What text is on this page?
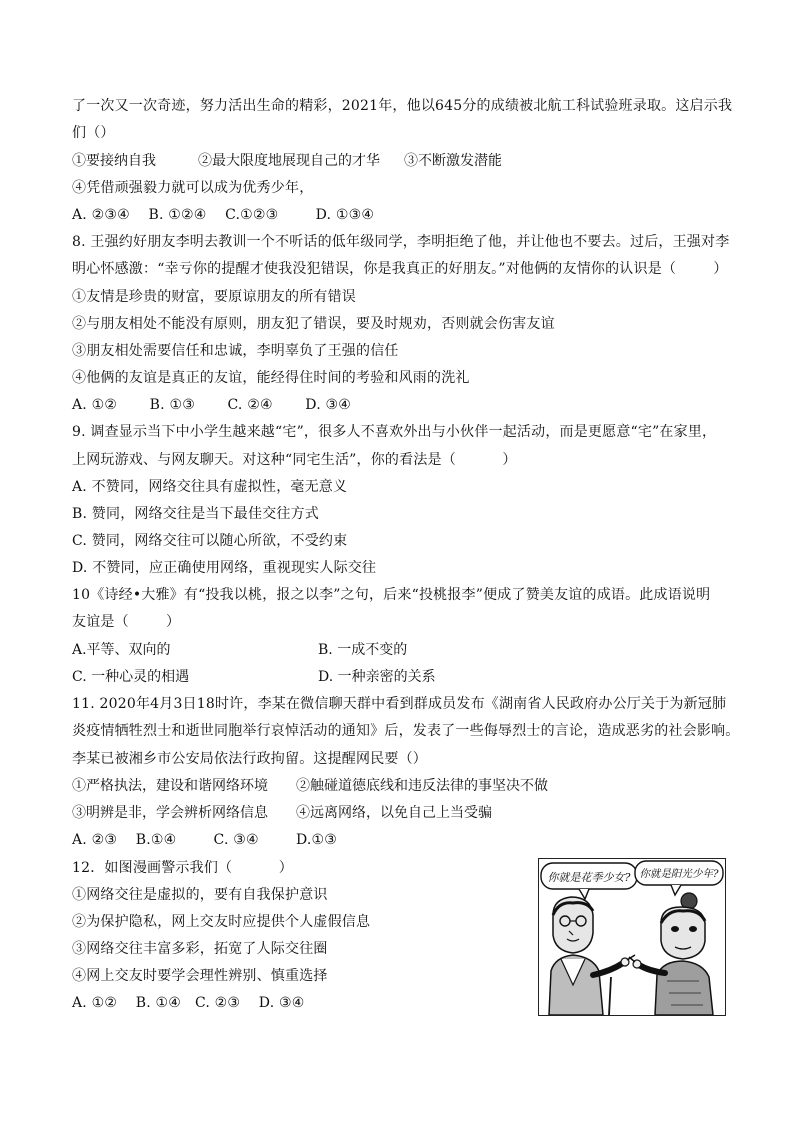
了一次又一次奇迹，努力活出生命的精彩，2021年，他以645分的成绩被北航工科试验班录取。这启示我
们（）
①要接纳自我	②最大限度地展现自己的才华 ③不断激发潜能
④凭借顽强毅力就可以成为优秀少年，
A. ②③④    B. ①②④    C.①②③        D. ①③④
8. 王强约好朋友李明去教训一个不听话的低年级同学，李明拒绝了他，并让他也不要去。过后，王强对李
明心怀感激：“幸亏你的提醒才使我没犯错误，你是我真正的好朋友。”对他俩的友情你的认识是（        ）
①友情是珍贵的财富，要原谅朋友的所有错误
②与朋友相处不能没有原则，朋友犯了错误，要及时规劝，否则就会伤害友谊
③朋友相处需要信任和忠诚，李明辜负了王强的信任
④他俩的友谊是真正的友谊，能经得住时间的考验和风雨的洗礼
A. ①②       B. ①③       C. ②④       D. ③④
9. 调查显示当下中小学生越来越“宅”，很多人不喜欢外出与小伙伴一起活动，而是更愿意“宅”在家里，
上网玩游戏、与网友聊天。对这种“同宅生活”，你的看法是（          ）
A. 不赞同，网络交往具有虚拟性，毫无意义
B. 赞同，网络交往是当下最佳交往方式
C. 赞同，网络交往可以随心所欲，不受约束
D. 不赞同，应正确使用网络，重视现实人际交往
10《诗经•大雅》有“投我以桃，报之以李”之句，后来“投桃报李”便成了赞美友谊的成语。此成语说明
友谊是（        ）
A.平等、双向的	B. 一成不变的
C. 一种心灵的相遇	D. 一种亲密的关系
11. 2020年4月3日18时许，李某在微信聊天群中看到群成员发布《湖南省人民政府办公厅关于为新冠肺
炎疫情牺牲烈士和逝世同胞举行哀悼活动的通知》后，发表了一些侮辱烈士的言论，造成恶劣的社会影响。
李某已被湘乡市公安局依法行政拘留。这提醒网民要（）
①严格执法，建设和谐网络环境 ②触碰道德底线和违反法律的事坚决不做
③明辨是非，学会辨析网络信息 ④远离网络，以免自己上当受骗
A. ②③    B.①④        C. ③④        D.①③
12．如图漫画警示我们（          ）
①网络交往是虚拟的，要有自我保护意识
②为保护隐私，网上交友时应提供个人虚假信息
③网络交往丰富多彩，拓宽了人际交往圈
④网上交友时要学会理性辨别、慎重选择
A. ①②    B. ①④   C. ②③    D. ③④
你就是花季少女? 你就是阳光少年?
